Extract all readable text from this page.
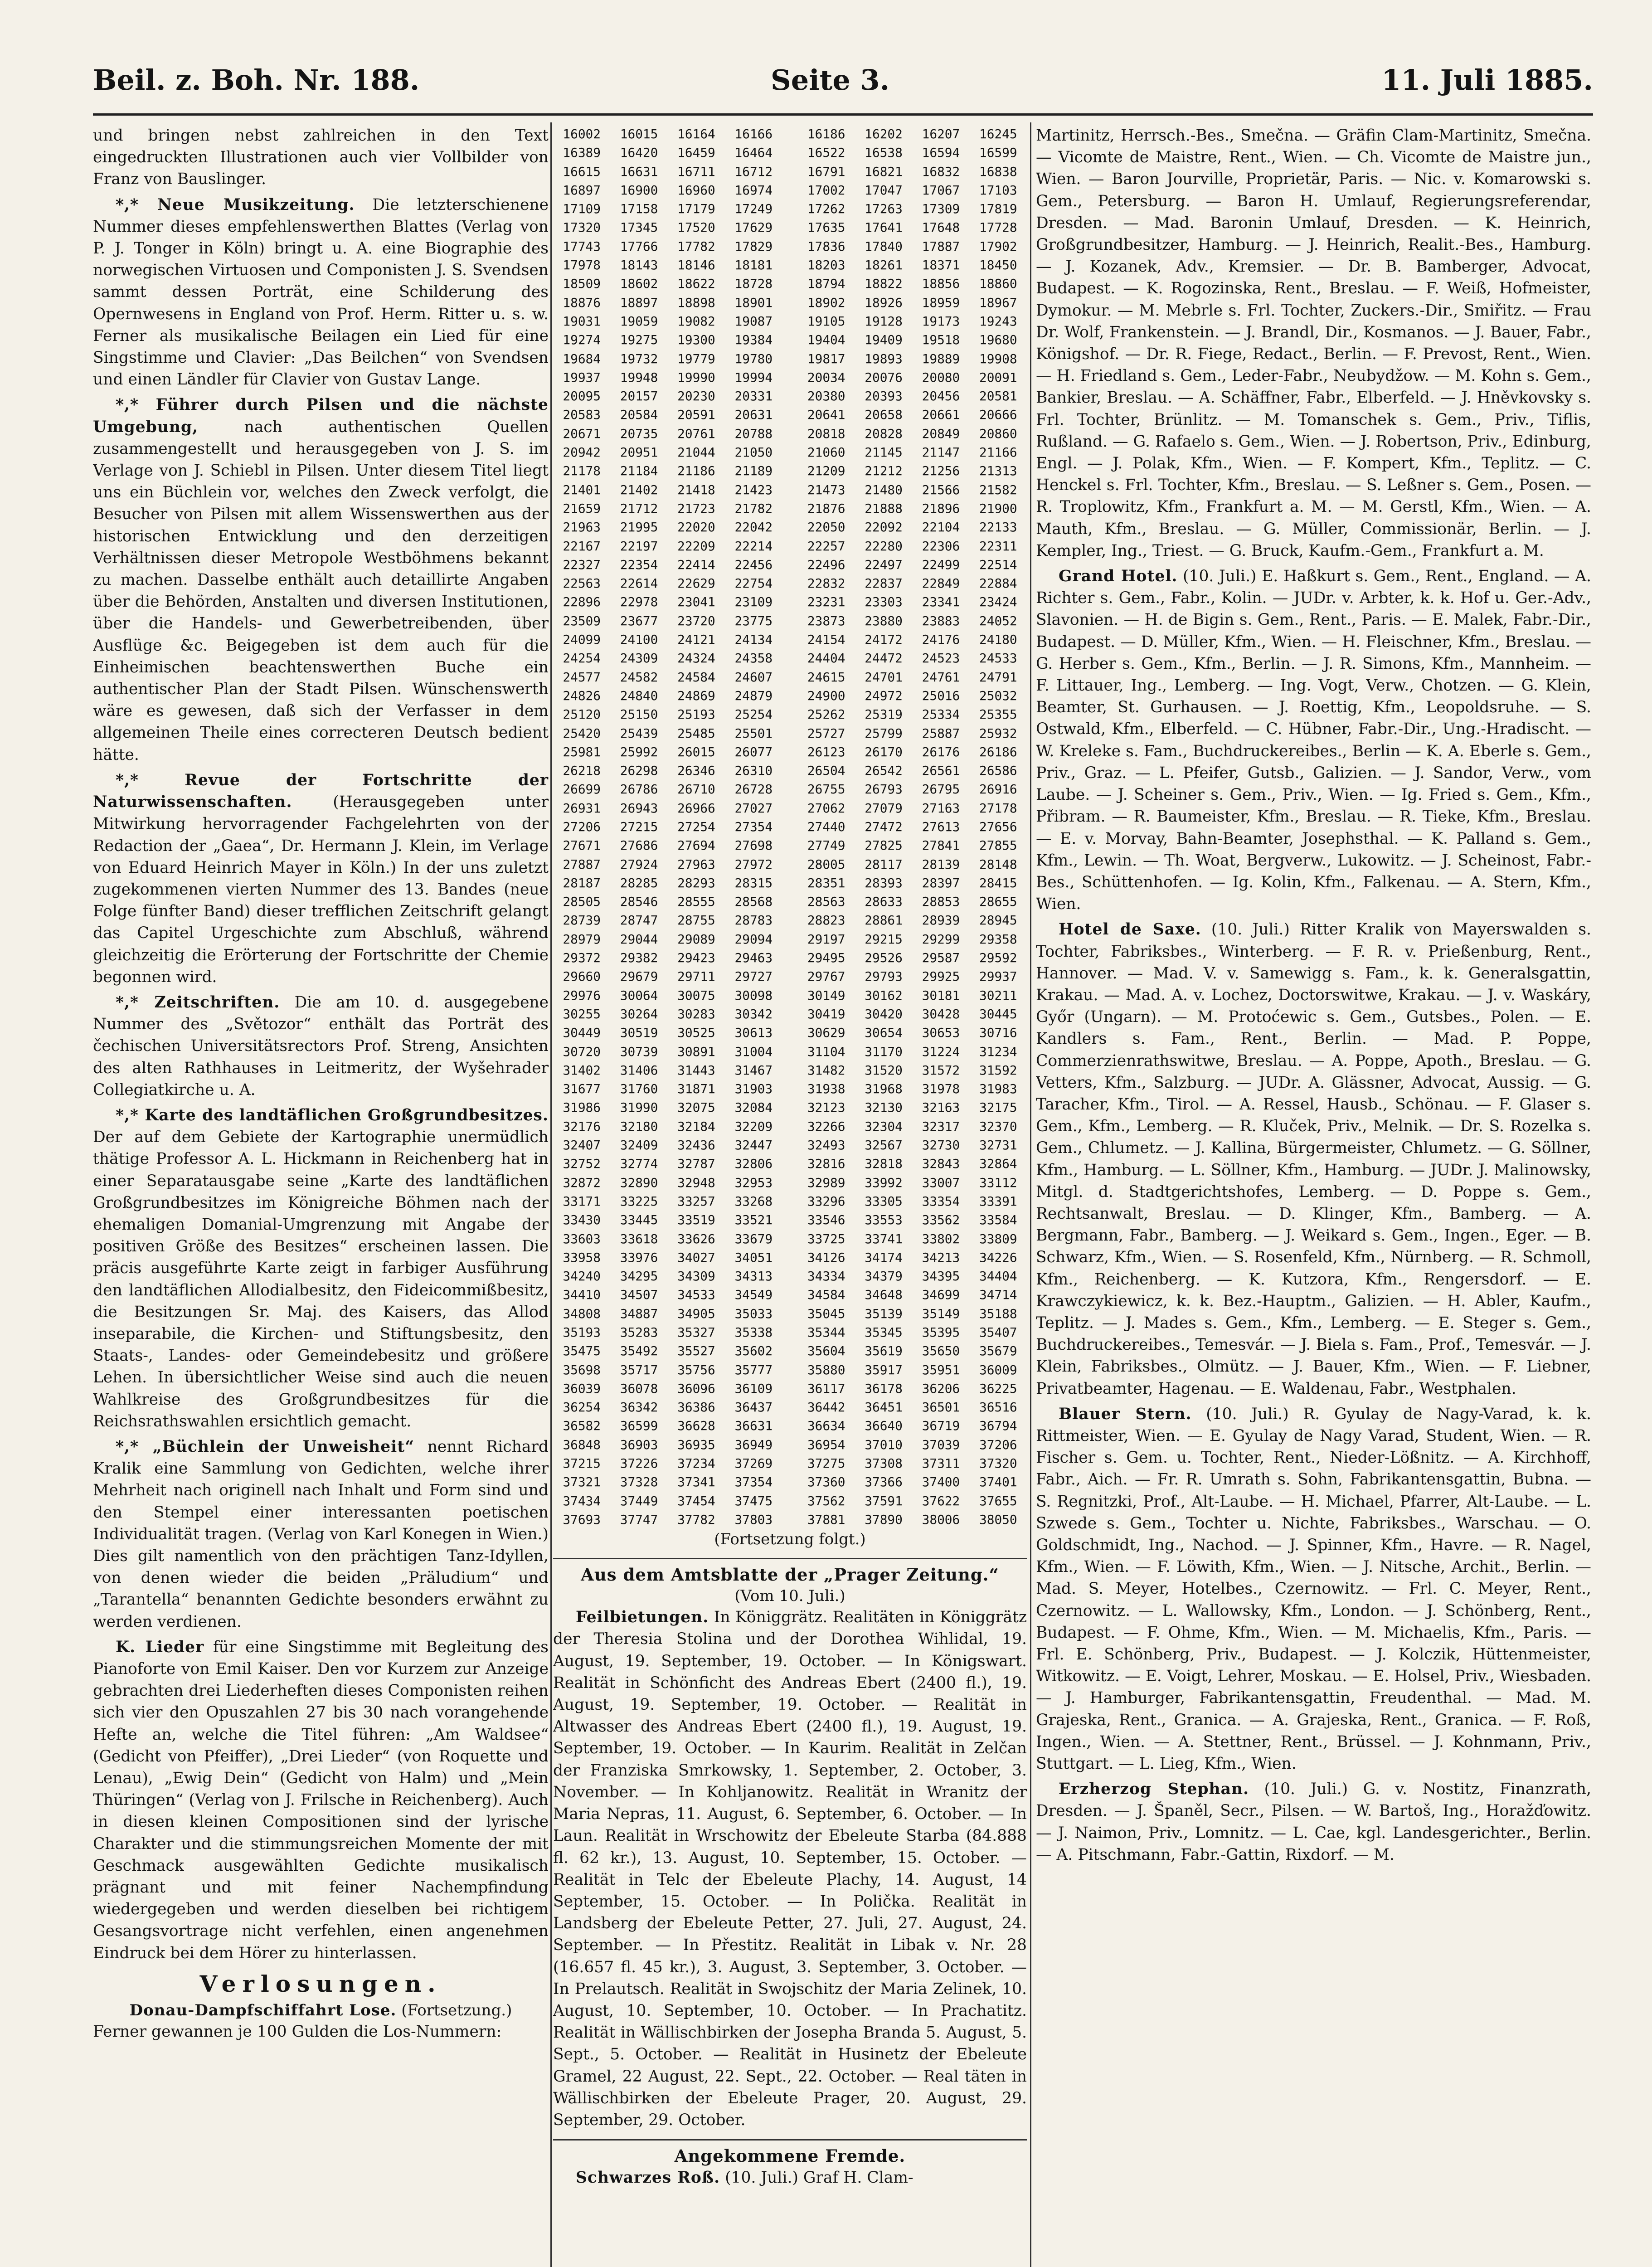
Beil. z. Boh. Nr. 188.	Seite 3.	11. Juli 1885.

und bringen nebst zahlreichen in den Text eingedruckten Illustrationen auch vier Vollbilder von Franz von Bauslinger.

*,* Neue Musikzeitung. Die letzterschienene Nummer dieses empfehlenswerthen Blattes (Verlag von P. J. Tonger in Köln) bringt u. A. eine Biographie des norwegischen Virtuosen und Componisten J. S. Svendsen sammt dessen Porträt, eine Schilderung des Opernwesens in England von Prof. Herm. Ritter u. s. w. Ferner als musikalische Beilagen ein Lied für eine Singstimme und Clavier: „Das Beilchen“ von Svendsen und einen Ländler für Clavier von Gustav Lange.

*,* Führer durch Pilsen und die nächste Umgebung, nach authentischen Quellen zusammengestellt und herausgegeben von J. S. im Verlage von J. Schiebl in Pilsen. Unter diesem Titel liegt uns ein Büchlein vor, welches den Zweck verfolgt, die Besucher von Pilsen mit allem Wissenswerthen aus der historischen Entwicklung und den derzeitigen Verhältnissen dieser Metropole Westböhmens bekannt zu machen. Dasselbe enthält auch detaillirte Angaben über die Behörden, Anstalten und diversen Institutionen, über die Handels- und Gewerbetreibenden, über Ausflüge &c. Beigegeben ist dem auch für die Einheimischen beachtenswerthen Buche ein authentischer Plan der Stadt Pilsen. Wünschenswerth wäre es gewesen, daß sich der Verfasser in dem allgemeinen Theile eines correcteren Deutsch bedient hätte.

*,* Revue der Fortschritte der Naturwissenschaften. (Herausgegeben unter Mitwirkung hervorragender Fachgelehrten von der Redaction der „Gaea“, Dr. Hermann J. Klein, im Verlage von Eduard Heinrich Mayer in Köln.) In der uns zuletzt zugekommenen vierten Nummer des 13. Bandes (neue Folge fünfter Band) dieser trefflichen Zeitschrift gelangt das Capitel Urgeschichte zum Abschluß, während gleichzeitig die Erörterung der Fortschritte der Chemie begonnen wird.

*,* Zeitschriften. Die am 10. d. ausgegebene Nummer des „Světozor“ enthält das Porträt des čechischen Universitätsrectors Prof. Streng, Ansichten des alten Rathhauses in Leitmeritz, der Wyšehrader Collegiatkirche u. A.

*,* Karte des landtäflichen Großgrundbesitzes. Der auf dem Gebiete der Kartographie unermüdlich thätige Professor A. L. Hickmann in Reichenberg hat in einer Separatausgabe seine „Karte des landtäflichen Großgrundbesitzes im Königreiche Böhmen nach der ehemaligen Domanial-Umgrenzung mit Angabe der positiven Größe des Besitzes“ erscheinen lassen. Die präcis ausgeführte Karte zeigt in farbiger Ausführung den landtäflichen Allodialbesitz, den Fideicommißbesitz, die Besitzungen Sr. Maj. des Kaisers, das Allod inseparabile, die Kirchen- und Stiftungsbesitz, den Staats-, Landes- oder Gemeindebesitz und größere Lehen. In übersichtlicher Weise sind auch die neuen Wahlkreise des Großgrundbesitzes für die Reichsrathswahlen ersichtlich gemacht.

*,* „Büchlein der Unweisheit“ nennt Richard Kralik eine Sammlung von Gedichten, welche ihrer Mehrheit nach originell nach Inhalt und Form sind und den Stempel einer interessanten poetischen Individualität tragen. (Verlag von Karl Konegen in Wien.) Dies gilt namentlich von den prächtigen Tanz-Idyllen, von denen wieder die beiden „Präludium“ und „Tarantella“ benannten Gedichte besonders erwähnt zu werden verdienen.

K. Lieder für eine Singstimme mit Begleitung des Pianoforte von Emil Kaiser. Den vor Kurzem zur Anzeige gebrachten drei Liederheften dieses Componisten reihen sich vier den Opuszahlen 27 bis 30 nach vorangehende Hefte an, welche die Titel führen: „Am Waldsee“ (Gedicht von Pfeiffer), „Drei Lieder“ (von Roquette und Lenau), „Ewig Dein“ (Gedicht von Halm) und „Mein Thüringen“ (Verlag von J. Frilsche in Reichenberg). Auch in diesen kleinen Compositionen sind der lyrische Charakter und die stimmungsreichen Momente der mit Geschmack ausgewählten Gedichte musikalisch prägnant und mit feiner Nachempfindung wiedergegeben und werden dieselben bei richtigem Gesangsvortrage nicht verfehlen, einen angenehmen Eindruck bei dem Hörer zu hinterlassen.

Verlosungen.

Donau-Dampfschiffahrt Lose. (Fortsetzung.)

Ferner gewannen je 100 Gulden die Los-Nummern:

16002	16015	16164	16166		16186	16202	16207	16245
16389	16420	16459	16464		16522	16538	16594	16599
16615	16631	16711	16712		16791	16821	16832	16838
16897	16900	16960	16974		17002	17047	17067	17103
17109	17158	17179	17249		17262	17263	17309	17819
17320	17345	17520	17629		17635	17641	17648	17728
17743	17766	17782	17829		17836	17840	17887	17902
17978	18143	18146	18181		18203	18261	18371	18450
18509	18602	18622	18728		18794	18822	18856	18860
18876	18897	18898	18901		18902	18926	18959	18967
19031	19059	19082	19087		19105	19128	19173	19243
19274	19275	19300	19384		19404	19409	19518	19680
19684	19732	19779	19780		19817	19893	19889	19908
19937	19948	19990	19994		20034	20076	20080	20091
20095	20157	20230	20331		20380	20393	20456	20581
20583	20584	20591	20631		20641	20658	20661	20666
20671	20735	20761	20788		20818	20828	20849	20860
20942	20951	21044	21050		21060	21145	21147	21166
21178	21184	21186	21189		21209	21212	21256	21313
21401	21402	21418	21423		21473	21480	21566	21582
21659	21712	21723	21782		21876	21888	21896	21900
21963	21995	22020	22042		22050	22092	22104	22133
22167	22197	22209	22214		22257	22280	22306	22311
22327	22354	22414	22456		22496	22497	22499	22514
22563	22614	22629	22754		22832	22837	22849	22884
22896	22978	23041	23109		23231	23303	23341	23424
23509	23677	23720	23775		23873	23880	23883	24052
24099	24100	24121	24134		24154	24172	24176	24180
24254	24309	24324	24358		24404	24472	24523	24533
24577	24582	24584	24607		24615	24701	24761	24791
24826	24840	24869	24879		24900	24972	25016	25032
25120	25150	25193	25254		25262	25319	25334	25355
25420	25439	25485	25501		25727	25799	25887	25932
25981	25992	26015	26077		26123	26170	26176	26186
26218	26298	26346	26310		26504	26542	26561	26586
26699	26786	26710	26728		26755	26793	26795	26916
26931	26943	26966	27027		27062	27079	27163	27178
27206	27215	27254	27354		27440	27472	27613	27656
27671	27686	27694	27698		27749	27825	27841	27855
27887	27924	27963	27972		28005	28117	28139	28148
28187	28285	28293	28315		28351	28393	28397	28415
28505	28546	28555	28568		28563	28633	28853	28655
28739	28747	28755	28783		28823	28861	28939	28945
28979	29044	29089	29094		29197	29215	29299	29358
29372	29382	29423	29463		29495	29526	29587	29592
29660	29679	29711	29727		29767	29793	29925	29937
29976	30064	30075	30098		30149	30162	30181	30211
30255	30264	30283	30342		30419	30420	30428	30445
30449	30519	30525	30613		30629	30654	30653	30716
30720	30739	30891	31004		31104	31170	31224	31234
31402	31406	31443	31467		31482	31520	31572	31592
31677	31760	31871	31903		31938	31968	31978	31983
31986	31990	32075	32084		32123	32130	32163	32175
32176	32180	32184	32209		32266	32304	32317	32370
32407	32409	32436	32447		32493	32567	32730	32731
32752	32774	32787	32806		32816	32818	32843	32864
32872	32890	32948	32953		32989	33992	33007	33112
33171	33225	33257	33268		33296	33305	33354	33391
33430	33445	33519	33521		33546	33553	33562	33584
33603	33618	33626	33679		33725	33741	33802	33809
33958	33976	34027	34051		34126	34174	34213	34226
34240	34295	34309	34313		34334	34379	34395	34404
34410	34507	34533	34549		34584	34648	34699	34714
34808	34887	34905	35033		35045	35139	35149	35188
35193	35283	35327	35338		35344	35345	35395	35407
35475	35492	35527	35602		35604	35619	35650	35679
35698	35717	35756	35777		35880	35917	35951	36009
36039	36078	36096	36109		36117	36178	36206	36225
36254	36342	36386	36437		36442	36451	36501	36516
36582	36599	36628	36631		36634	36640	36719	36794
36848	36903	36935	36949		36954	37010	37039	37206
37215	37226	37234	37269		37275	37308	37311	37320
37321	37328	37341	37354		37360	37366	37400	37401
37434	37449	37454	37475		37562	37591	37622	37655
37693	37747	37782	37803		37881	37890	38006	38050

(Fortsetzung folgt.)

Aus dem Amtsblatte der „Prager Zeitung.“

(Vom 10. Juli.)

Feilbietungen. In Königgrätz. Realitäten in Königgrätz der Theresia Stolina und der Dorothea Wihlidal, 19. August, 19. September, 19. October. — In Königswart. Realität in Schönficht des Andreas Ebert (2400 fl.), 19. August, 19. September, 19. October. — Realität in Altwasser des Andreas Ebert (2400 fl.), 19. August, 19. September, 19. October. — In Kaurim. Realität in Zelčan der Franziska Smrkowsky, 1. September, 2. October, 3. November. — In Kohljanowitz. Realität in Wranitz der Maria Nepras, 11. August, 6. September, 6. October. — In Laun. Realität in Wrschowitz der Ebeleute Starba (84.888 fl. 62 kr.), 13. August, 10. September, 15. October. — Realität in Telc der Ebeleute Plachy, 14. August, 14 September, 15. October. — In Polička. Realität in Landsberg der Ebeleute Petter, 27. Juli, 27. August, 24. September. — In Přestitz. Realität in Libak v. Nr. 28 (16.657 fl. 45 kr.), 3. August, 3. September, 3. October. — In Prelautsch. Realität in Swojschitz der Maria Zelinek, 10. August, 10. September, 10. October. — In Prachatitz. Realität in Wällischbirken der Josepha Branda 5. August, 5. Sept., 5. October. — Realität in Husinetz der Ebeleute Gramel, 22 August, 22. Sept., 22. October. — Real täten in Wällischbirken der Ebeleute Prager, 20. August, 29. September, 29. October.

Angekommene Fremde.

Schwarzes Roß. (10. Juli.) Graf H. Clam-

Martinitz, Herrsch.-Bes., Smečna. — Gräfin Clam-Martinitz, Smečna. — Vicomte de Maistre, Rent., Wien. — Ch. Vicomte de Maistre jun., Wien. — Baron Jourville, Proprietär, Paris. — Nic. v. Komarowski s. Gem., Petersburg. — Baron H. Umlauf, Regierungsreferendar, Dresden. — Mad. Baronin Umlauf, Dresden. — K. Heinrich, Großgrundbesitzer, Hamburg. — J. Heinrich, Realit.-Bes., Hamburg. — J. Kozanek, Adv., Kremsier. — Dr. B. Bamberger, Advocat, Budapest. — K. Rogozinska, Rent., Breslau. — F. Weiß, Hofmeister, Dymokur. — M. Mebrle s. Frl. Tochter, Zuckers.-Dir., Smiřitz. — Frau Dr. Wolf, Frankenstein. — J. Brandl, Dir., Kosmanos. — J. Bauer, Fabr., Königshof. — Dr. R. Fiege, Redact., Berlin. — F. Prevost, Rent., Wien. — H. Friedland s. Gem., Leder-Fabr., Neubydžow. — M. Kohn s. Gem., Bankier, Breslau. — A. Schäffner, Fabr., Elberfeld. — J. Hněvkovsky s. Frl. Tochter, Brünlitz. — M. Tomanschek s. Gem., Priv., Tiflis, Rußland. — G. Rafaelo s. Gem., Wien. — J. Robertson, Priv., Edinburg, Engl. — J. Polak, Kfm., Wien. — F. Kompert, Kfm., Teplitz. — C. Henckel s. Frl. Tochter, Kfm., Breslau. — S. Leßner s. Gem., Posen. — R. Troplowitz, Kfm., Frankfurt a. M. — M. Gerstl, Kfm., Wien. — A. Mauth, Kfm., Breslau. — G. Müller, Commissionär, Berlin. — J. Kempler, Ing., Triest. — G. Bruck, Kaufm.-Gem., Frankfurt a. M.

Grand Hotel. (10. Juli.) E. Haßkurt s. Gem., Rent., England. — A. Richter s. Gem., Fabr., Kolin. — JUDr. v. Arbter, k. k. Hof u. Ger.-Adv., Slavonien. — H. de Bigin s. Gem., Rent., Paris. — E. Malek, Fabr.-Dir., Budapest. — D. Müller, Kfm., Wien. — H. Fleischner, Kfm., Breslau. — G. Herber s. Gem., Kfm., Berlin. — J. R. Simons, Kfm., Mannheim. — F. Littauer, Ing., Lemberg. — Ing. Vogt, Verw., Chotzen. — G. Klein, Beamter, St. Gurhausen. — J. Roettig, Kfm., Leopoldsruhe. — S. Ostwald, Kfm., Elberfeld. — C. Hübner, Fabr.-Dir., Ung.-Hradischt. — W. Kreleke s. Fam., Buchdruckereibes., Berlin — K. A. Eberle s. Gem., Priv., Graz. — L. Pfeifer, Gutsb., Galizien. — J. Sandor, Verw., vom Laube. — J. Scheiner s. Gem., Priv., Wien. — Ig. Fried s. Gem., Kfm., Přibram. — R. Baumeister, Kfm., Breslau. — R. Tieke, Kfm., Breslau. — E. v. Morvay, Bahn-Beamter, Josephsthal. — K. Palland s. Gem., Kfm., Lewin. — Th. Woat, Bergverw., Lukowitz. — J. Scheinost, Fabr.-Bes., Schüttenhofen. — Ig. Kolin, Kfm., Falkenau. — A. Stern, Kfm., Wien.

Hotel de Saxe. (10. Juli.) Ritter Kralik von Mayerswalden s. Tochter, Fabriksbes., Winterberg. — F. R. v. Prießenburg, Rent., Hannover. — Mad. V. v. Samewigg s. Fam., k. k. Generalsgattin, Krakau. — Mad. A. v. Lochez, Doctorswitwe, Krakau. — J. v. Waskáry, Győr (Ungarn). — M. Protoćewic s. Gem., Gutsbes., Polen. — E. Kandlers s. Fam., Rent., Berlin. — Mad. P. Poppe, Commerzienrathswitwe, Breslau. — A. Poppe, Apoth., Breslau. — G. Vetters, Kfm., Salzburg. — JUDr. A. Glässner, Advocat, Aussig. — G. Taracher, Kfm., Tirol. — A. Ressel, Hausb., Schönau. — F. Glaser s. Gem., Kfm., Lemberg. — R. Kluček, Priv., Melnik. — Dr. S. Rozelka s. Gem., Chlumetz. — J. Kallina, Bürgermeister, Chlumetz. — G. Söllner, Kfm., Hamburg. — L. Söllner, Kfm., Hamburg. — JUDr. J. Malinowsky, Mitgl. d. Stadtgerichtshofes, Lemberg. — D. Poppe s. Gem., Rechtsanwalt, Breslau. — D. Klinger, Kfm., Bamberg. — A. Bergmann, Fabr., Bamberg. — J. Weikard s. Gem., Ingen., Eger. — B. Schwarz, Kfm., Wien. — S. Rosenfeld, Kfm., Nürnberg. — R. Schmoll, Kfm., Reichenberg. — K. Kutzora, Kfm., Rengersdorf. — E. Krawczykiewicz, k. k. Bez.-Hauptm., Galizien. — H. Abler, Kaufm., Teplitz. — J. Mades s. Gem., Kfm., Lemberg. — E. Steger s. Gem., Buchdruckereibes., Temesvár. — J. Biela s. Fam., Prof., Temesvár. — J. Klein, Fabriksbes., Olmütz. — J. Bauer, Kfm., Wien. — F. Liebner, Privatbeamter, Hagenau. — E. Waldenau, Fabr., Westphalen.

Blauer Stern. (10. Juli.) R. Gyulay de Nagy-Varad, k. k. Rittmeister, Wien. — E. Gyulay de Nagy Varad, Student, Wien. — R. Fischer s. Gem. u. Tochter, Rent., Nieder-Lößnitz. — A. Kirchhoff, Fabr., Aich. — Fr. R. Umrath s. Sohn, Fabrikantensgattin, Bubna. — S. Regnitzki, Prof., Alt-Laube. — H. Michael, Pfarrer, Alt-Laube. — L. Szwede s. Gem., Tochter u. Nichte, Fabriksbes., Warschau. — O. Goldschmidt, Ing., Nachod. — J. Spinner, Kfm., Havre. — R. Nagel, Kfm., Wien. — F. Löwith, Kfm., Wien. — J. Nitsche, Archit., Berlin. — Mad. S. Meyer, Hotelbes., Czernowitz. — Frl. C. Meyer, Rent., Czernowitz. — L. Wallowsky, Kfm., London. — J. Schönberg, Rent., Budapest. — F. Ohme, Kfm., Wien. — M. Michaelis, Kfm., Paris. — Frl. E. Schönberg, Priv., Budapest. — J. Kolczik, Hüttenmeister, Witkowitz. — E. Voigt, Lehrer, Moskau. — E. Holsel, Priv., Wiesbaden. — J. Hamburger, Fabrikantensgattin, Freudenthal. — Mad. M. Grajeska, Rent., Granica. — A. Grajeska, Rent., Granica. — F. Roß, Ingen., Wien. — A. Stettner, Rent., Brüssel. — J. Kohnmann, Priv., Stuttgart. — L. Lieg, Kfm., Wien.

Erzherzog Stephan. (10. Juli.) G. v. Nostitz, Finanzrath, Dresden. — J. Španěl, Secr., Pilsen. — W. Bartoš, Ing., Horažďowitz. — J. Naimon, Priv., Lomnitz. — L. Cae, kgl. Landesgerichter., Berlin. — A. Pitschmann, Fabr.-Gattin, Rixdorf. — M.
